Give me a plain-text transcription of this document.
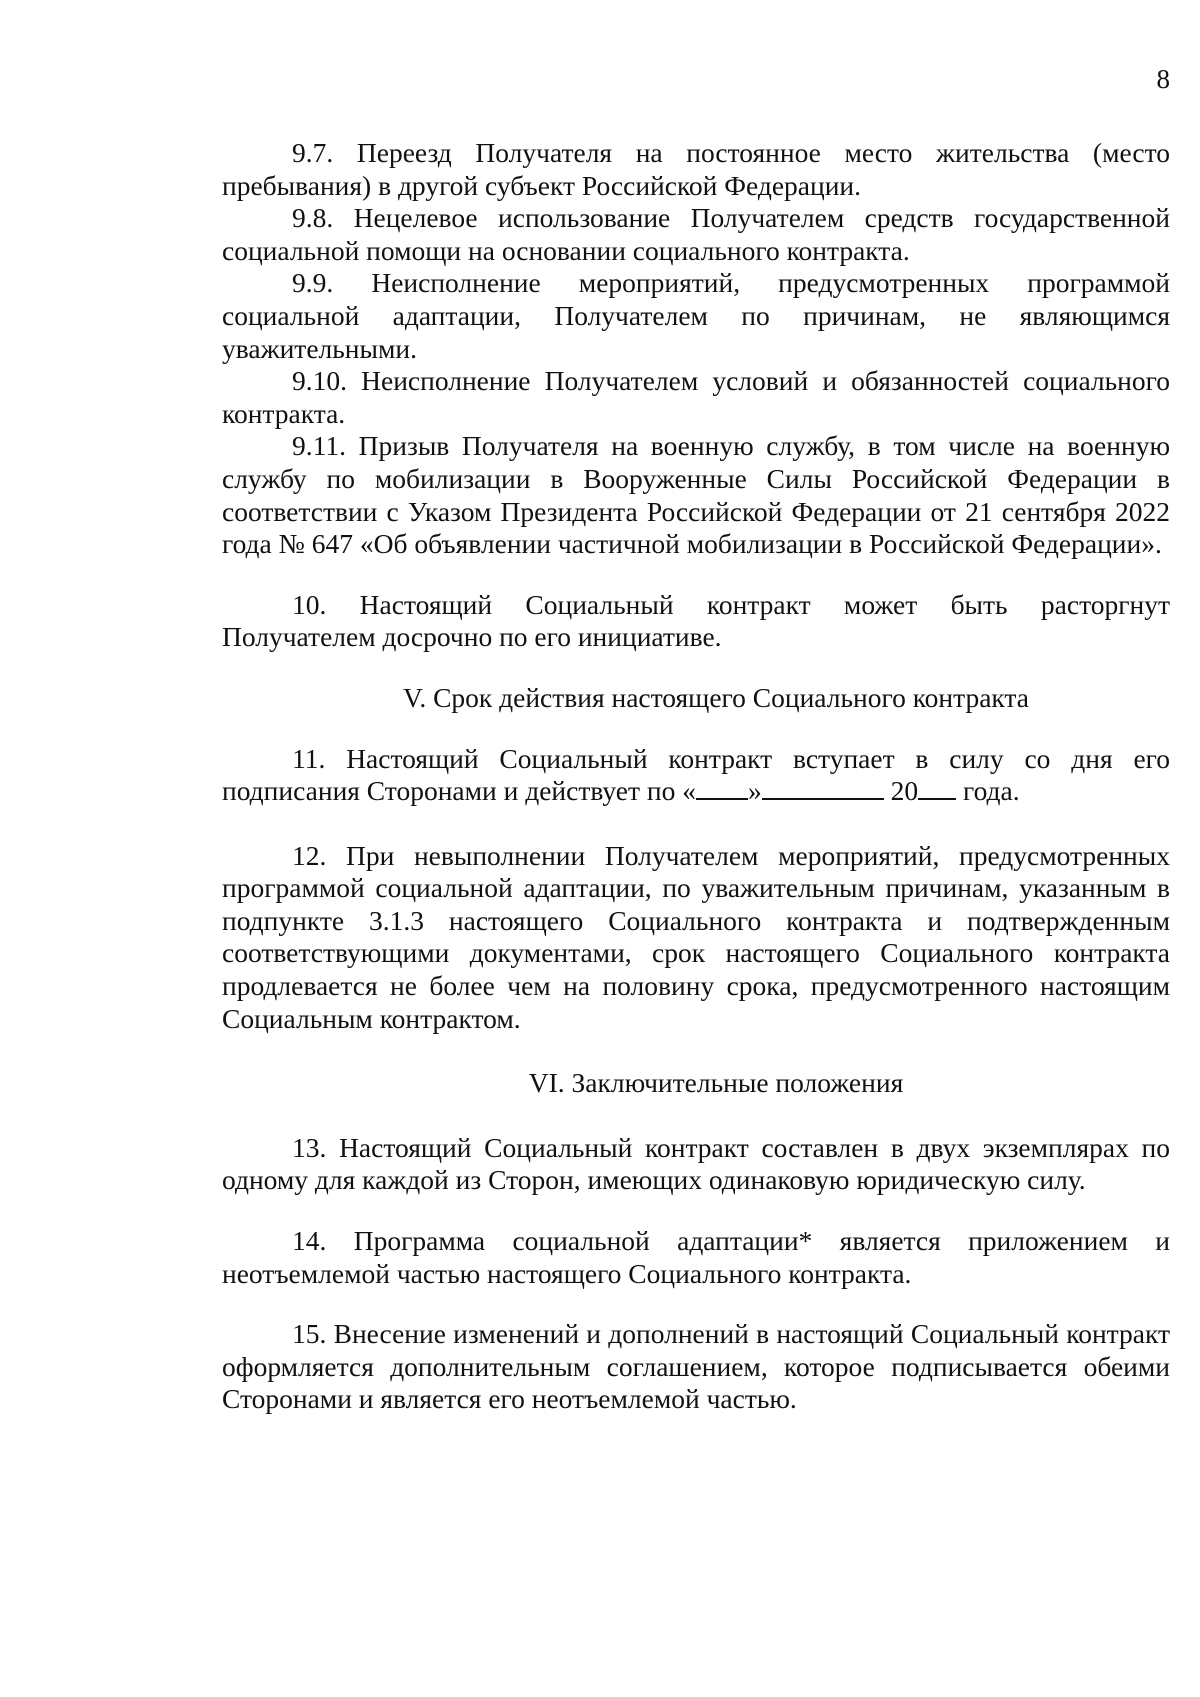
8

9.7. Переезд Получателя на постоянное место жительства (место пребывания) в другой субъект Российской Федерации.

9.8. Нецелевое использование Получателем средств государственной социальной помощи на основании социального контракта.

9.9. Неисполнение мероприятий, предусмотренных программой социальной адаптации, Получателем по причинам, не являющимся уважительными.

9.10. Неисполнение Получателем условий и обязанностей социального контракта.

9.11. Призыв Получателя на военную службу, в том числе на военную службу по мобилизации в Вооруженные Силы Российской Федерации в соответствии с Указом Президента Российской Федерации от 21 сентября 2022 года № 647 «Об объявлении частичной мобилизации в Российской Федерации».

10. Настоящий Социальный контракт может быть расторгнут Получателем досрочно по его инициативе.

V. Срок действия настоящего Социального контракта

11. Настоящий Социальный контракт вступает в силу со дня его подписания Сторонами и действует по « »	20 года.

12. При невыполнении Получателем мероприятий, предусмотренных программой социальной адаптации, по уважительным причинам, указанным в подпункте 3.1.3 настоящего Социального контракта и подтвержденным соответствующими документами, срок настоящего Социального контракта продлевается не более чем на половину срока, предусмотренного настоящим Социальным контрактом.

VI. Заключительные положения

13. Настоящий Социальный контракт составлен в двух экземплярах по одному для каждой из Сторон, имеющих одинаковую юридическую силу.

14. Программа социальной адаптации* является приложением и неотъемлемой частью настоящего Социального контракта.

15. Внесение изменений и дополнений в настоящий Социальный контракт оформляется дополнительным соглашением, которое подписывается обеими Сторонами и является его неотъемлемой частью.
